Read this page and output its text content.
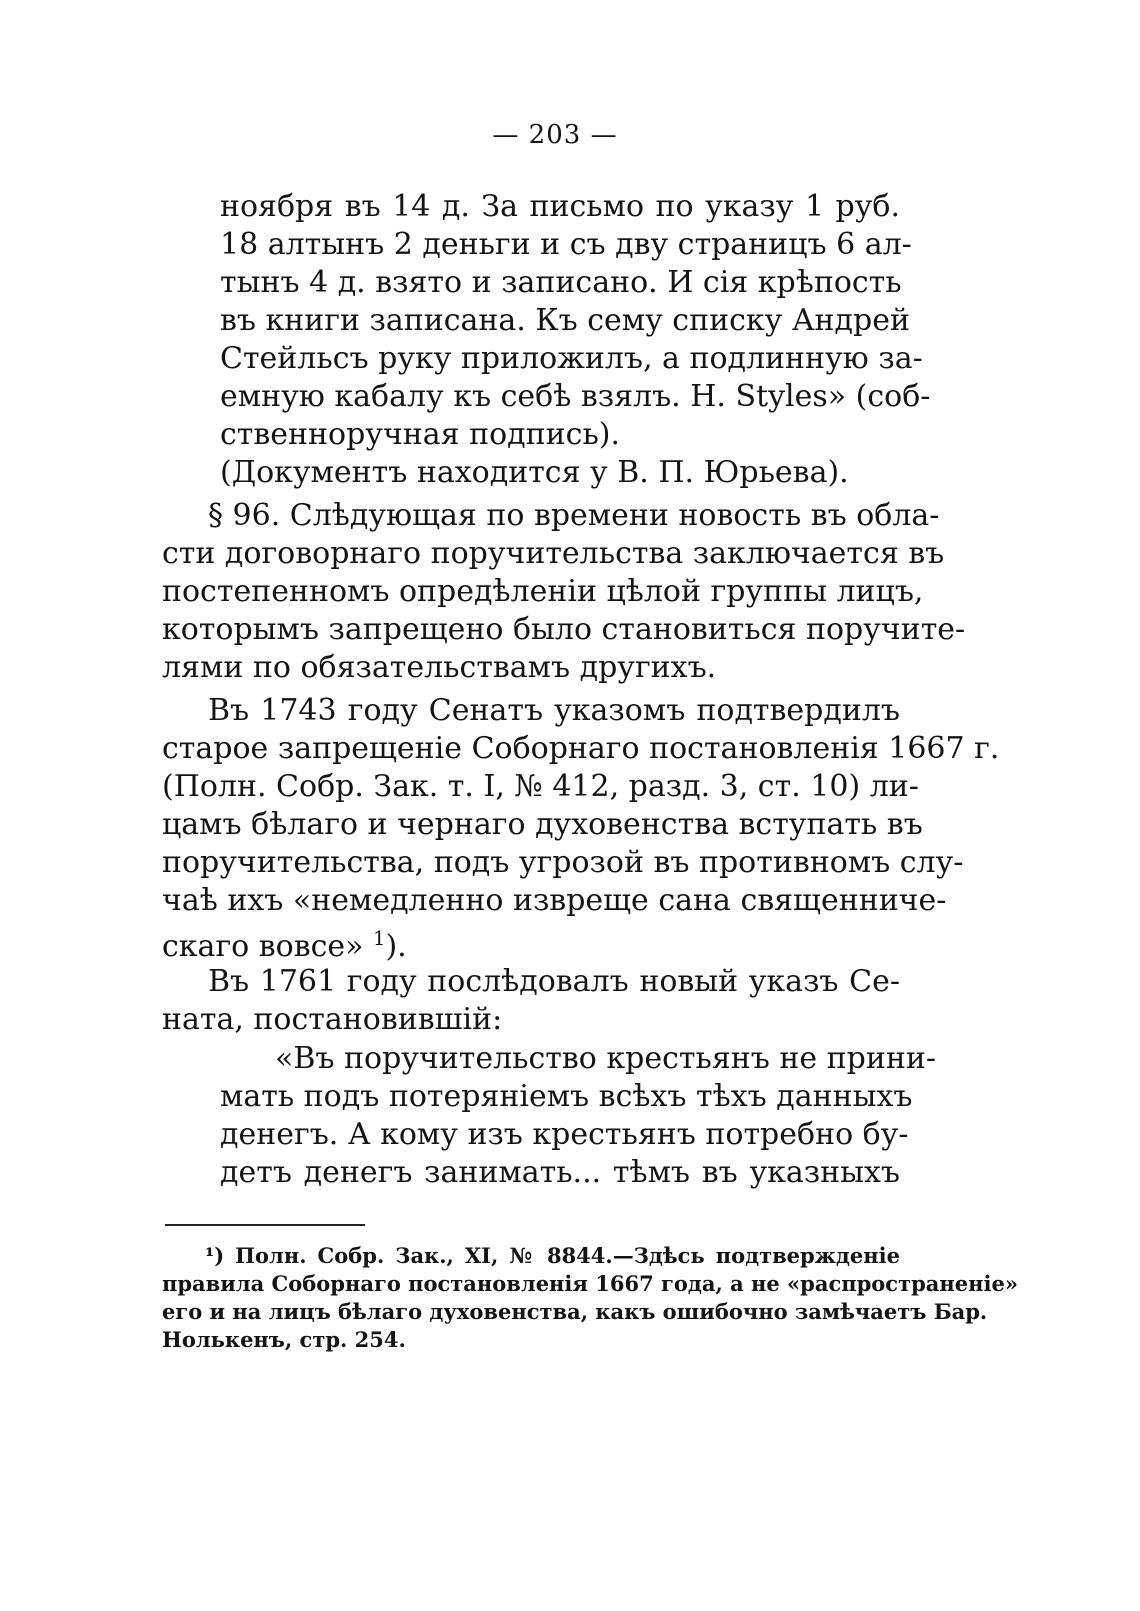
— 203 —
ноября въ 14 д. За письмо по указу 1 руб.
18 алтынъ 2 деньги и съ дву страницъ 6 ал-
тынъ 4 д. взято и записано. И сія крѣпость
въ книги записана. Къ сему списку Андрей
Стейльсъ руку приложилъ, а подлинную за-
емную кабалу къ себѣ взялъ. H. Styles» (соб-
ственноручная подпись).
(Документъ находится у В. П. Юрьева).
§ 96. Слѣдующая по времени новость въ обла-
сти договорнаго поручительства заключается въ
постепенномъ опредѣленіи цѣлой группы лицъ,
которымъ запрещено было становиться поручите-
лями по обязательствамъ другихъ.
Въ 1743 году Сенатъ указомъ подтвердилъ
старое запрещеніе Соборнаго постановленія 1667 г.
(Полн. Собр. Зак. т. I, № 412, разд. 3, ст. 10) ли-
цамъ бѣлаго и чернаго духовенства вступать въ
поручительства, подъ угрозой въ противномъ слу-
чаѣ ихъ «немедленно извреще сана священниче-
скаго вовсе» $^1$).
Въ 1761 году послѣдовалъ новый указъ Се-
ната, постановившій:
«Въ поручительство крестьянъ не прини-
мать подъ потеряніемъ всѣхъ тѣхъ данныхъ
денегъ. А кому изъ крестьянъ потребно бу-
детъ денегъ занимать... тѣмъ въ указныхъ
¹) Полн. Собр. Зак., XI, № 8844.—Здѣсь подтвержденіе
правила Соборнаго постановленія 1667 года, а не «распространеніе»
его и на лицъ бѣлаго духовенства, какъ ошибочно замѣчаетъ Бар.
Нолькенъ, стр. 254.
